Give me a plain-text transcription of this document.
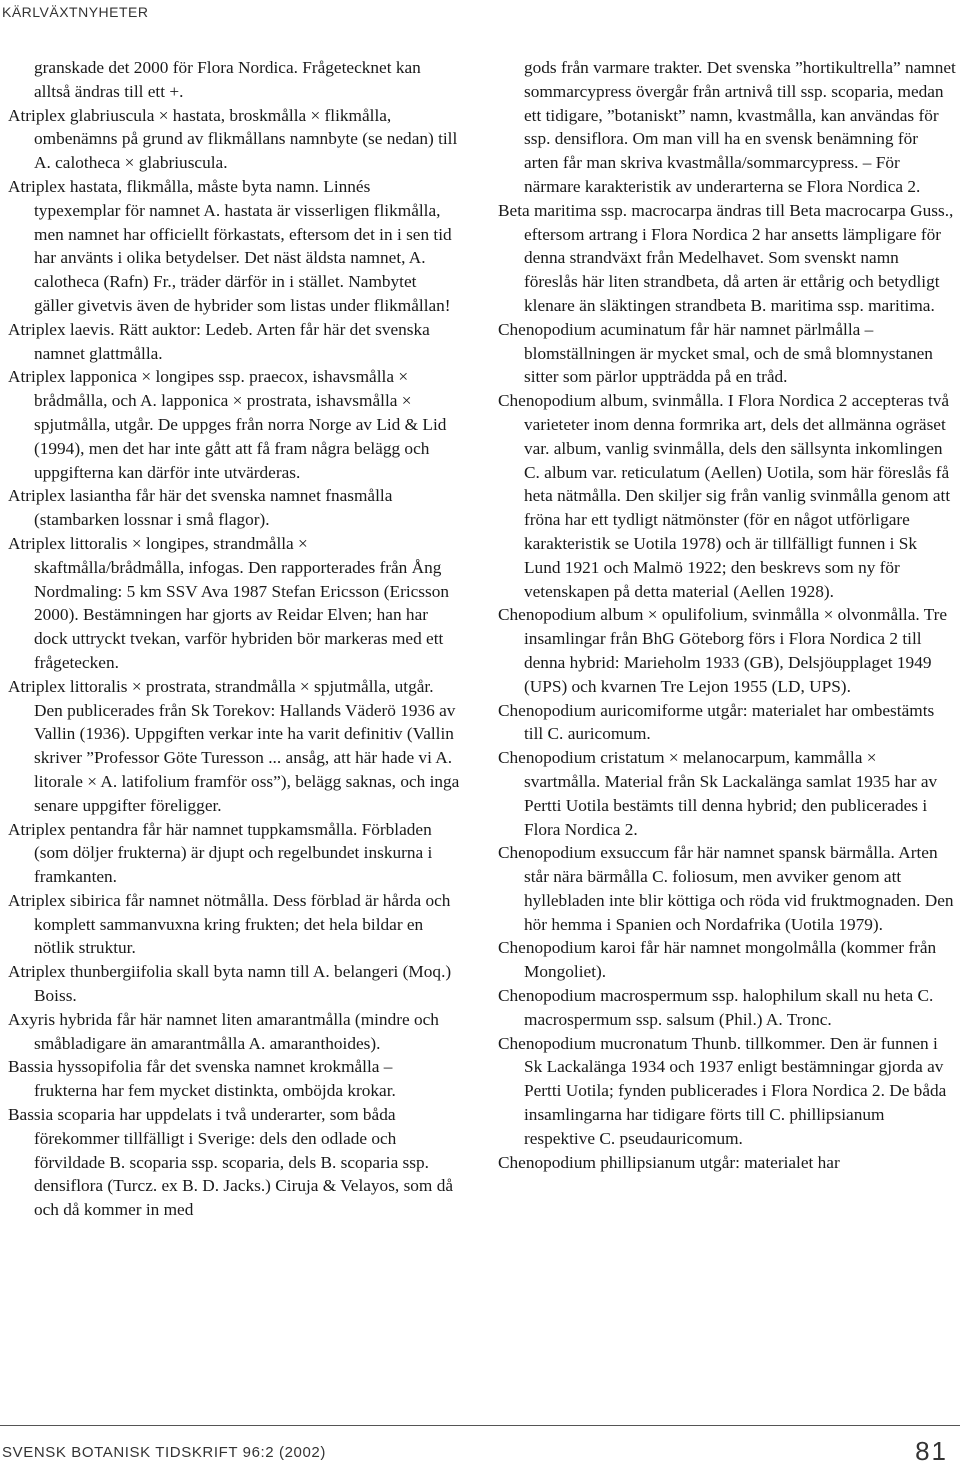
KÄRLVÄXTNYHETER

granskade det 2000 för Flora Nordica. Frågetecknet kan alltså ändras till ett +.

Atriplex glabriuscula × hastata, broskmålla × flikmålla, ombenämns på grund av flikmållans namnbyte (se nedan) till A. calotheca × glabriuscula.

Atriplex hastata, flikmålla, måste byta namn. Linnés typexemplar för namnet A. hastata är visserligen flikmålla, men namnet har officiellt förkastats, eftersom det in i sen tid har använts i olika betydelser. Det näst äldsta namnet, A. calotheca (Rafn) Fr., träder därför in i stället. Nambytet gäller givetvis även de hybrider som listas under flikmållan!

Atriplex laevis. Rätt auktor: Ledeb. Arten får här det svenska namnet glattmålla.

Atriplex lapponica × longipes ssp. praecox, ishavsmålla × brådmålla, och A. lapponica × prostrata, ishavsmålla × spjutmålla, utgår. De uppges från norra Norge av Lid & Lid (1994), men det har inte gått att få fram några belägg och uppgifterna kan därför inte utvärderas.

Atriplex lasiantha får här det svenska namnet fnasmålla (stambarken lossnar i små flagor).

Atriplex littoralis × longipes, strandmålla × skaftmålla/brådmålla, infogas. Den rapporterades från Ång Nordmaling: 5 km SSV Ava 1987 Stefan Ericsson (Ericsson 2000). Bestämningen har gjorts av Reidar Elven; han har dock uttryckt tvekan, varför hybriden bör markeras med ett frågetecken.

Atriplex littoralis × prostrata, strandmålla × spjutmålla, utgår. Den publicerades från Sk Torekov: Hallands Väderö 1936 av Vallin (1936). Uppgiften verkar inte ha varit definitiv (Vallin skriver ”Professor Göte Turesson ... ansåg, att här hade vi A. litorale × A. latifolium framför oss”), belägg saknas, och inga senare uppgifter föreligger.

Atriplex pentandra får här namnet tuppkamsmålla. Förbladen (som döljer frukterna) är djupt och regelbundet inskurna i framkanten.

Atriplex sibirica får namnet nötmålla. Dess förblad är hårda och komplett sammanvuxna kring frukten; det hela bildar en nötlik struktur.

Atriplex thunbergiifolia skall byta namn till A. belangeri (Moq.) Boiss.

Axyris hybrida får här namnet liten amarantmålla (mindre och småbladigare än amarantmålla A. amaranthoides).

Bassia hyssopifolia får det svenska namnet krokmålla – frukterna har fem mycket distinkta, omböjda krokar.

Bassia scoparia har uppdelats i två underarter, som båda förekommer tillfälligt i Sverige: dels den odlade och förvildade B. scoparia ssp. scoparia, dels B. scoparia ssp. densiflora (Turcz. ex B. D. Jacks.) Ciruja & Velayos, som då och då kommer in med

gods från varmare trakter. Det svenska ”hortikultrella” namnet sommarcypress övergår från artnivå till ssp. scoparia, medan ett tidigare, ”botaniskt” namn, kvastmålla, kan användas för ssp. densiflora. Om man vill ha en svensk benämning för arten får man skriva kvastmålla/sommarcypress. – För närmare karakteristik av underarterna se Flora Nordica 2.

Beta maritima ssp. macrocarpa ändras till Beta macrocarpa Guss., eftersom artrang i Flora Nordica 2 har ansetts lämpligare för denna strandväxt från Medelhavet. Som svenskt namn föreslås här liten strandbeta, då arten är ettårig och betydligt klenare än släktingen strandbeta B. maritima ssp. maritima.

Chenopodium acuminatum får här namnet pärlmålla – blomställningen är mycket smal, och de små blomnystanen sitter som pärlor uppträdda på en tråd.

Chenopodium album, svinmålla. I Flora Nordica 2 accepteras två varieteter inom denna formrika art, dels det allmänna ogräset var. album, vanlig svinmålla, dels den sällsynta inkomlingen C. album var. reticulatum (Aellen) Uotila, som här föreslås få heta nätmålla. Den skiljer sig från vanlig svinmålla genom att fröna har ett tydligt nätmönster (för en något utförligare karakteristik se Uotila 1978) och är tillfälligt funnen i Sk Lund 1921 och Malmö 1922; den beskrevs som ny för vetenskapen på detta material (Aellen 1928).

Chenopodium album × opulifolium, svinmålla × olvonmålla. Tre insamlingar från BhG Göteborg förs i Flora Nordica 2 till denna hybrid: Marieholm 1933 (GB), Delsjöupplaget 1949 (UPS) och kvarnen Tre Lejon 1955 (LD, UPS).

Chenopodium auricomiforme utgår: materialet har ombestämts till C. auricomum.

Chenopodium cristatum × melanocarpum, kammålla × svartmålla. Material från Sk Lackalänga samlat 1935 har av Pertti Uotila bestämts till denna hybrid; den publicerades i Flora Nordica 2.

Chenopodium exsuccum får här namnet spansk bärmålla. Arten står nära bärmålla C. foliosum, men avviker genom att hyllebladen inte blir köttiga och röda vid fruktmognaden. Den hör hemma i Spanien och Nordafrika (Uotila 1979).

Chenopodium karoi får här namnet mongolmålla (kommer från Mongoliet).

Chenopodium macrospermum ssp. halophilum skall nu heta C. macrospermum ssp. salsum (Phil.) A. Tronc.

Chenopodium mucronatum Thunb. tillkommer. Den är funnen i Sk Lackalänga 1934 och 1937 enligt bestämningar gjorda av Pertti Uotila; fynden publicerades i Flora Nordica 2. De båda insamlingarna har tidigare förts till C. phillipsianum respektive C. pseudauricomum.

Chenopodium phillipsianum utgår: materialet har

SVENSK BOTANISK TIDSKRIFT 96:2 (2002)	81
